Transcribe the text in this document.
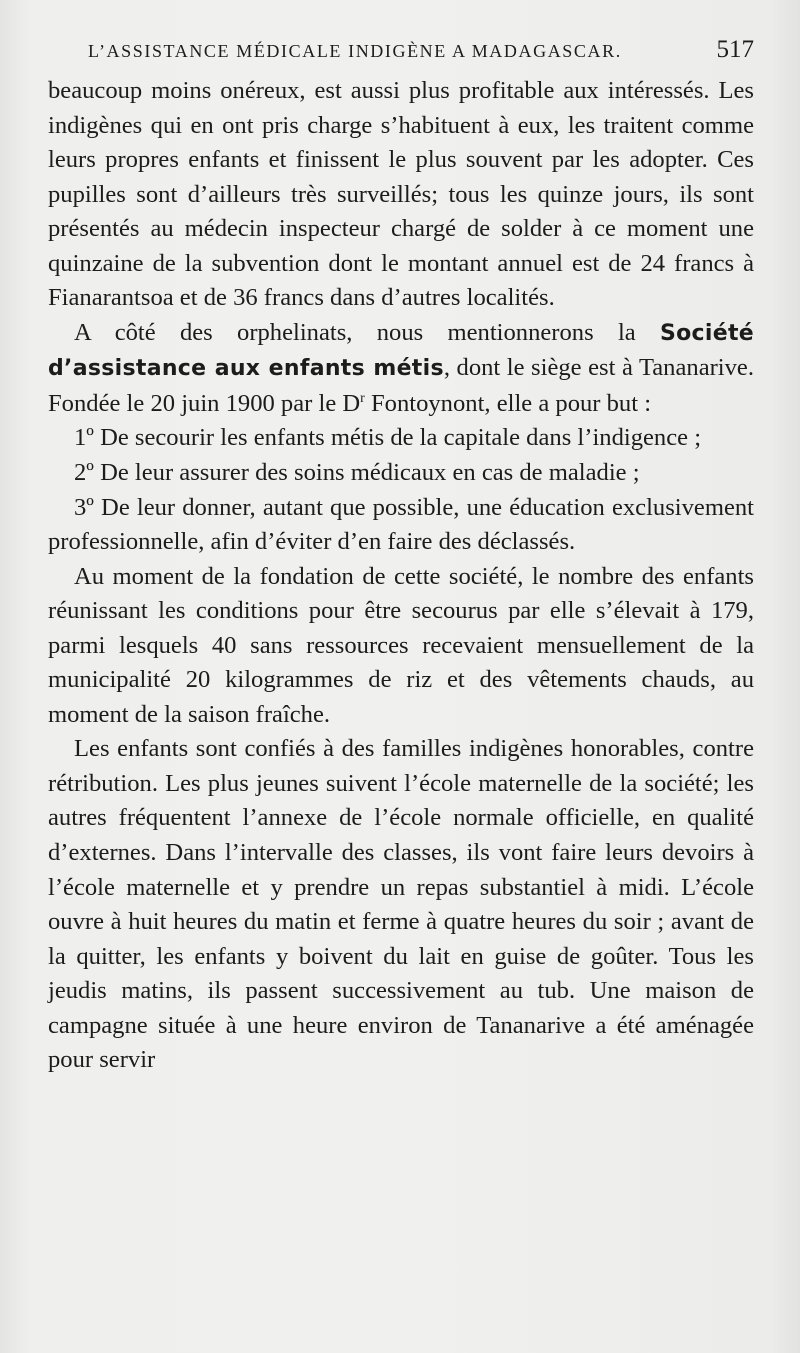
L’ASSISTANCE MÉDICALE INDIGÈNE A MADAGASCAR.	517

beaucoup moins onéreux, est aussi plus profitable aux intéressés. Les indigènes qui en ont pris charge s’habituent à eux, les traitent comme leurs propres enfants et finissent le plus souvent par les adopter. Ces pupilles sont d’ailleurs très surveillés; tous les quinze jours, ils sont présentés au médecin inspecteur chargé de solder à ce moment une quinzaine de la subvention dont le montant annuel est de 24 francs à Fianarantsoa et de 36 francs dans d’autres localités.

A côté des orphelinats, nous mentionnerons la Société d’assistance aux enfants métis, dont le siège est à Tananarive. Fondée le 20 juin 1900 par le $D^r$ Fontoynont, elle a pour but :

1º De secourir les enfants métis de la capitale dans l’indigence ;

2º De leur assurer des soins médicaux en cas de maladie ;

3º De leur donner, autant que possible, une éducation exclusivement professionnelle, afin d’éviter d’en faire des déclassés.

Au moment de la fondation de cette société, le nombre des enfants réunissant les conditions pour être secourus par elle s’élevait à 179, parmi lesquels 40 sans ressources recevaient mensuellement de la municipalité 20 kilogrammes de riz et des vêtements chauds, au moment de la saison fraîche.

Les enfants sont confiés à des familles indigènes honorables, contre rétribution. Les plus jeunes suivent l’école maternelle de la société; les autres fréquentent l’annexe de l’école normale officielle, en qualité d’externes. Dans l’intervalle des classes, ils vont faire leurs devoirs à l’école maternelle et y prendre un repas substantiel à midi. L’école ouvre à huit heures du matin et ferme à quatre heures du soir ; avant de la quitter, les enfants y boivent du lait en guise de goûter. Tous les jeudis matins, ils passent successivement au tub. Une maison de campagne située à une heure environ de Tananarive a été aménagée pour servir
